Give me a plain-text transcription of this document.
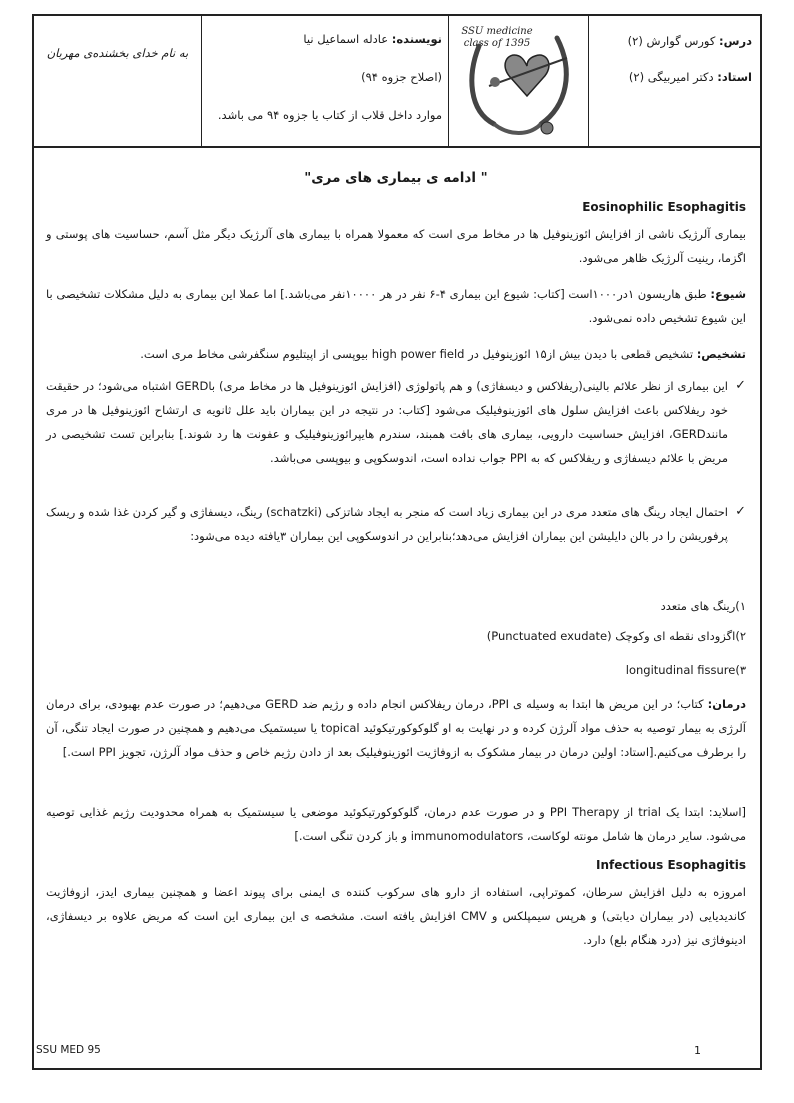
درس: کورس گوارش (۲)
استاد: دکتر امیربیگی (۲)
SSU medicine class of 1395
نویسنده: عادله اسماعیل نیا
(اصلاح جزوه ۹۴)
موارد داخل قلاب از کتاب یا جزوه ۹۴ می باشد.
به نام خدای بخشنده‌ی مهربان
" ادامه ی بیماری های مری"
Eosinophilic Esophagitis
بیماری آلرژیک ناشی از افزایش ائوزینوفیل ها در مخاط مری است که معمولا همراه با بیماری های آلرژیک دیگر مثل آسم، حساسیت های پوستی و اگزما، رینیت آلرژیک ظاهر می‌شود.
شیوع: طبق هاریسون ۱در۱۰۰۰است [کتاب: شیوع این بیماری ۴-۶ نفر در هر ۱۰۰۰۰نفر می‌باشد.] اما عملا این بیماری به دلیل مشکلات تشخیصی با این شیوع تشخیص داده نمی‌شود.
تشخیص: تشخیص قطعی با دیدن بیش از۱۵ ائوزینوفیل در high power field بیوپسی از اپیتلیوم سنگفرشی مخاط مری است.
✓
این بیماری از نظر علائم بالینی(ریفلاکس و دیسفاژی) و هم پاتولوژی (افزایش ائوزینوفیل ها در مخاط مری) باGERD اشتباه می‌شود؛ در حقیقت خود ریفلاکس باعث افزایش سلول های ائوزینوفیلیک می‌شود [کتاب: در نتیجه در این بیماران باید علل ثانویه ی ارتشاح ائوزینوفیل ها در مری مانندGERD، افزایش حساسیت دارویی، بیماری های بافت همبند، سندرم هایپرائوزینوفیلیک و عفونت ها رد شوند.] بنابراین تست تشخیصی در مریض با علائم دیسفاژی و ریفلاکس که به PPI جواب نداده است، اندوسکوپی و بیوپسی می‌باشد.
✓
احتمال ایجاد رینگ های متعدد مری در این بیماری زیاد است که منجر به ایجاد شاتزکی (schatzki) رینگ، دیسفاژی و گیر کردن غذا شده و ریسک پرفوریشن را در بالن دایلیشن این بیماران افزایش می‌دهد؛بنابراین در اندوسکوپی این بیماران ۳یافته دیده می‌شود:
۱)رینگ های متعدد
۲)اگزودای نقطه ای وکوچک (Punctuated exudate)
۳)longitudinal fissure
درمان: کتاب؛ در این مریض ها ابتدا به وسیله ی PPI، درمان ریفلاکس انجام داده و رژیم ضد GERD می‌دهیم؛ در صورت عدم بهبودی، برای درمان آلرژی به بیمار توصیه به حذف مواد آلرژن کرده و در نهایت به او گلوکوکورتیکوئید topical یا سیستمیک می‌دهیم و همچنین در صورت ایجاد تنگی، آن را برطرف می‌کنیم.[استاد: اولین درمان در بیمار مشکوک به ازوفاژیت ائوزینوفیلیک بعد از دادن رژیم خاص و حذف مواد آلرژن، تجویز PPI است.]
[اسلاید: ابتدا یک trial از PPI Therapy و در صورت عدم درمان، گلوکوکورتیکوئید موضعی یا سیستمیک به همراه محدودیت رژیم غذایی توصیه می‌شود. سایر درمان ها شامل مونته لوکاست، immunomodulators و باز کردن تنگی است.]
Infectious Esophagitis
امروزه به دلیل افزایش سرطان، کموتراپی، استفاده از دارو های سرکوب کننده ی ایمنی برای پیوند اعضا و همچنین بیماری ایدز، ازوفاژیت کاندیدیایی (در بیماران دیابتی) و هرپس سیمپلکس و CMV افزایش یافته است. مشخصه ی این بیماری این است که مریض علاوه بر دیسفاژی، ادینوفاژی نیز (درد هنگام بلع) دارد.
SSU MED 95	1
